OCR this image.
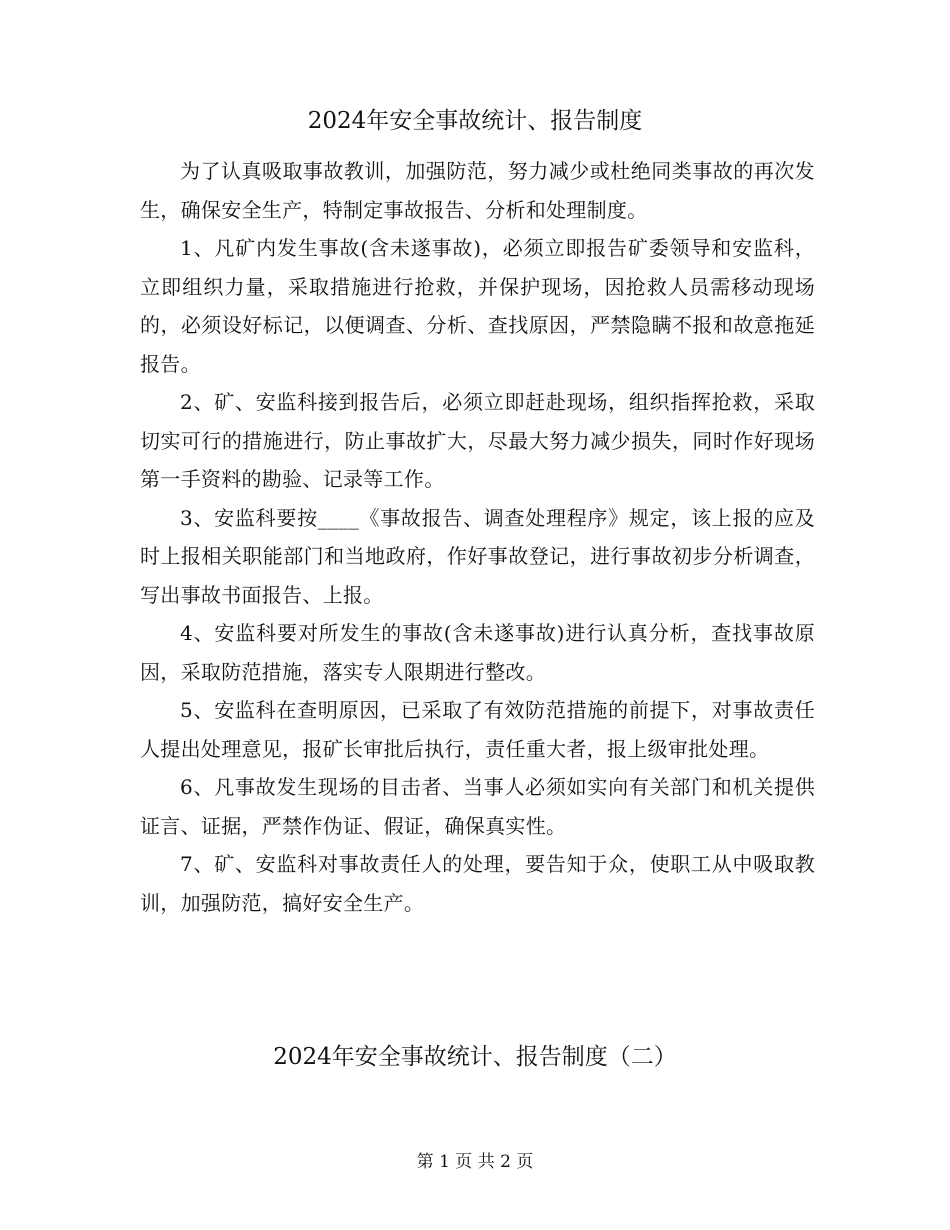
2024年安全事故统计、报告制度

为了认真吸取事故教训，加强防范，努力减少或杜绝同类事故的再次发生，确保安全生产，特制定事故报告、分析和处理制度。

1、凡矿内发生事故(含未遂事故)，必须立即报告矿委领导和安监科，立即组织力量，采取措施进行抢救，并保护现场，因抢救人员需移动现场的，必须设好标记，以便调查、分析、查找原因，严禁隐瞒不报和故意拖延报告。

2、矿、安监科接到报告后，必须立即赶赴现场，组织指挥抢救，采取切实可行的措施进行，防止事故扩大，尽最大努力减少损失，同时作好现场第一手资料的勘验、记录等工作。

3、安监科要按____《事故报告、调查处理程序》规定，该上报的应及时上报相关职能部门和当地政府，作好事故登记，进行事故初步分析调查，写出事故书面报告、上报。

4、安监科要对所发生的事故(含未遂事故)进行认真分析，查找事故原因，采取防范措施，落实专人限期进行整改。

5、安监科在查明原因，已采取了有效防范措施的前提下，对事故责任人提出处理意见，报矿长审批后执行，责任重大者，报上级审批处理。

6、凡事故发生现场的目击者、当事人必须如实向有关部门和机关提供证言、证据，严禁作伪证、假证，确保真实性。

7、矿、安监科对事故责任人的处理，要告知于众，使职工从中吸取教训，加强防范，搞好安全生产。

2024年安全事故统计、报告制度（二）
第 1 页 共 2 页
